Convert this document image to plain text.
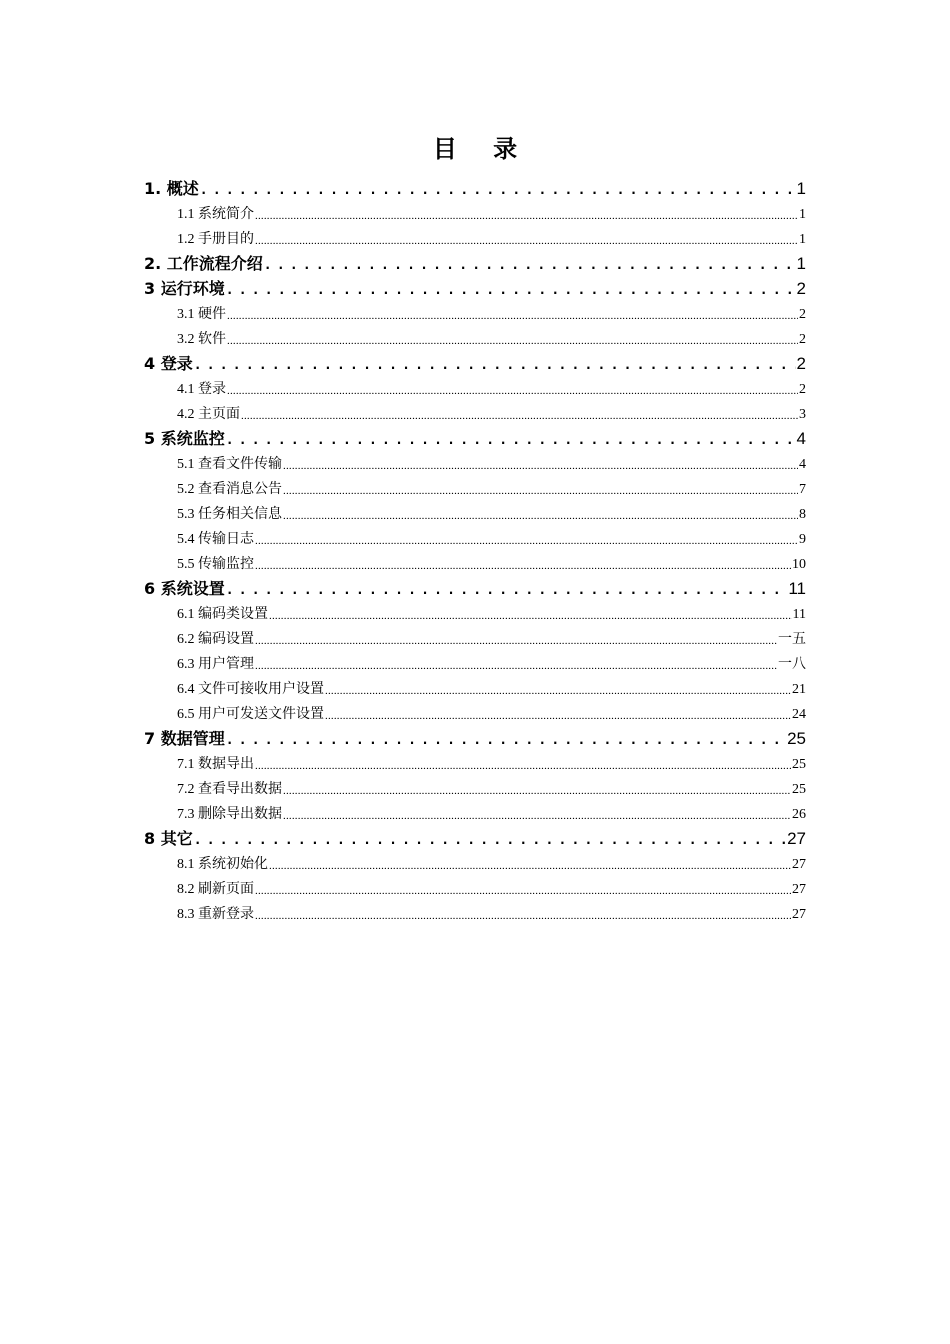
目 录
1. 概述 .....	1
1.1 系统简介 .....	1
1.2 手册目的 .....	1
2. 工作流程介绍 .....	1
3 运行环境 .....	2
3.1 硬件 .....	2
3.2 软件 .....	2
4 登录 .....	2
4.1 登录 .....	2
4.2 主页面 .....	3
5 系统监控 .....	4
5.1 查看文件传输 .....	4
5.2 查看消息公告 .....	7
5.3 任务相关信息 .....	8
5.4 传输日志 .....	9
5.5 传输监控 .....	10
6 系统设置 .....	11
6.1 编码类设置 .....	11
6.2 编码设置 .....	一五
6.3 用户管理 .....	一八
6.4 文件可接收用户设置 .....	21
6.5 用户可发送文件设置 .....	24
7 数据管理 .....	25
7.1 数据导出 .....	25
7.2 查看导出数据 .....	25
7.3 删除导出数据 .....	26
8 其它 .....	27
8.1 系统初始化 .....	27
8.2 刷新页面 .....	27
8.3 重新登录 .....	27
